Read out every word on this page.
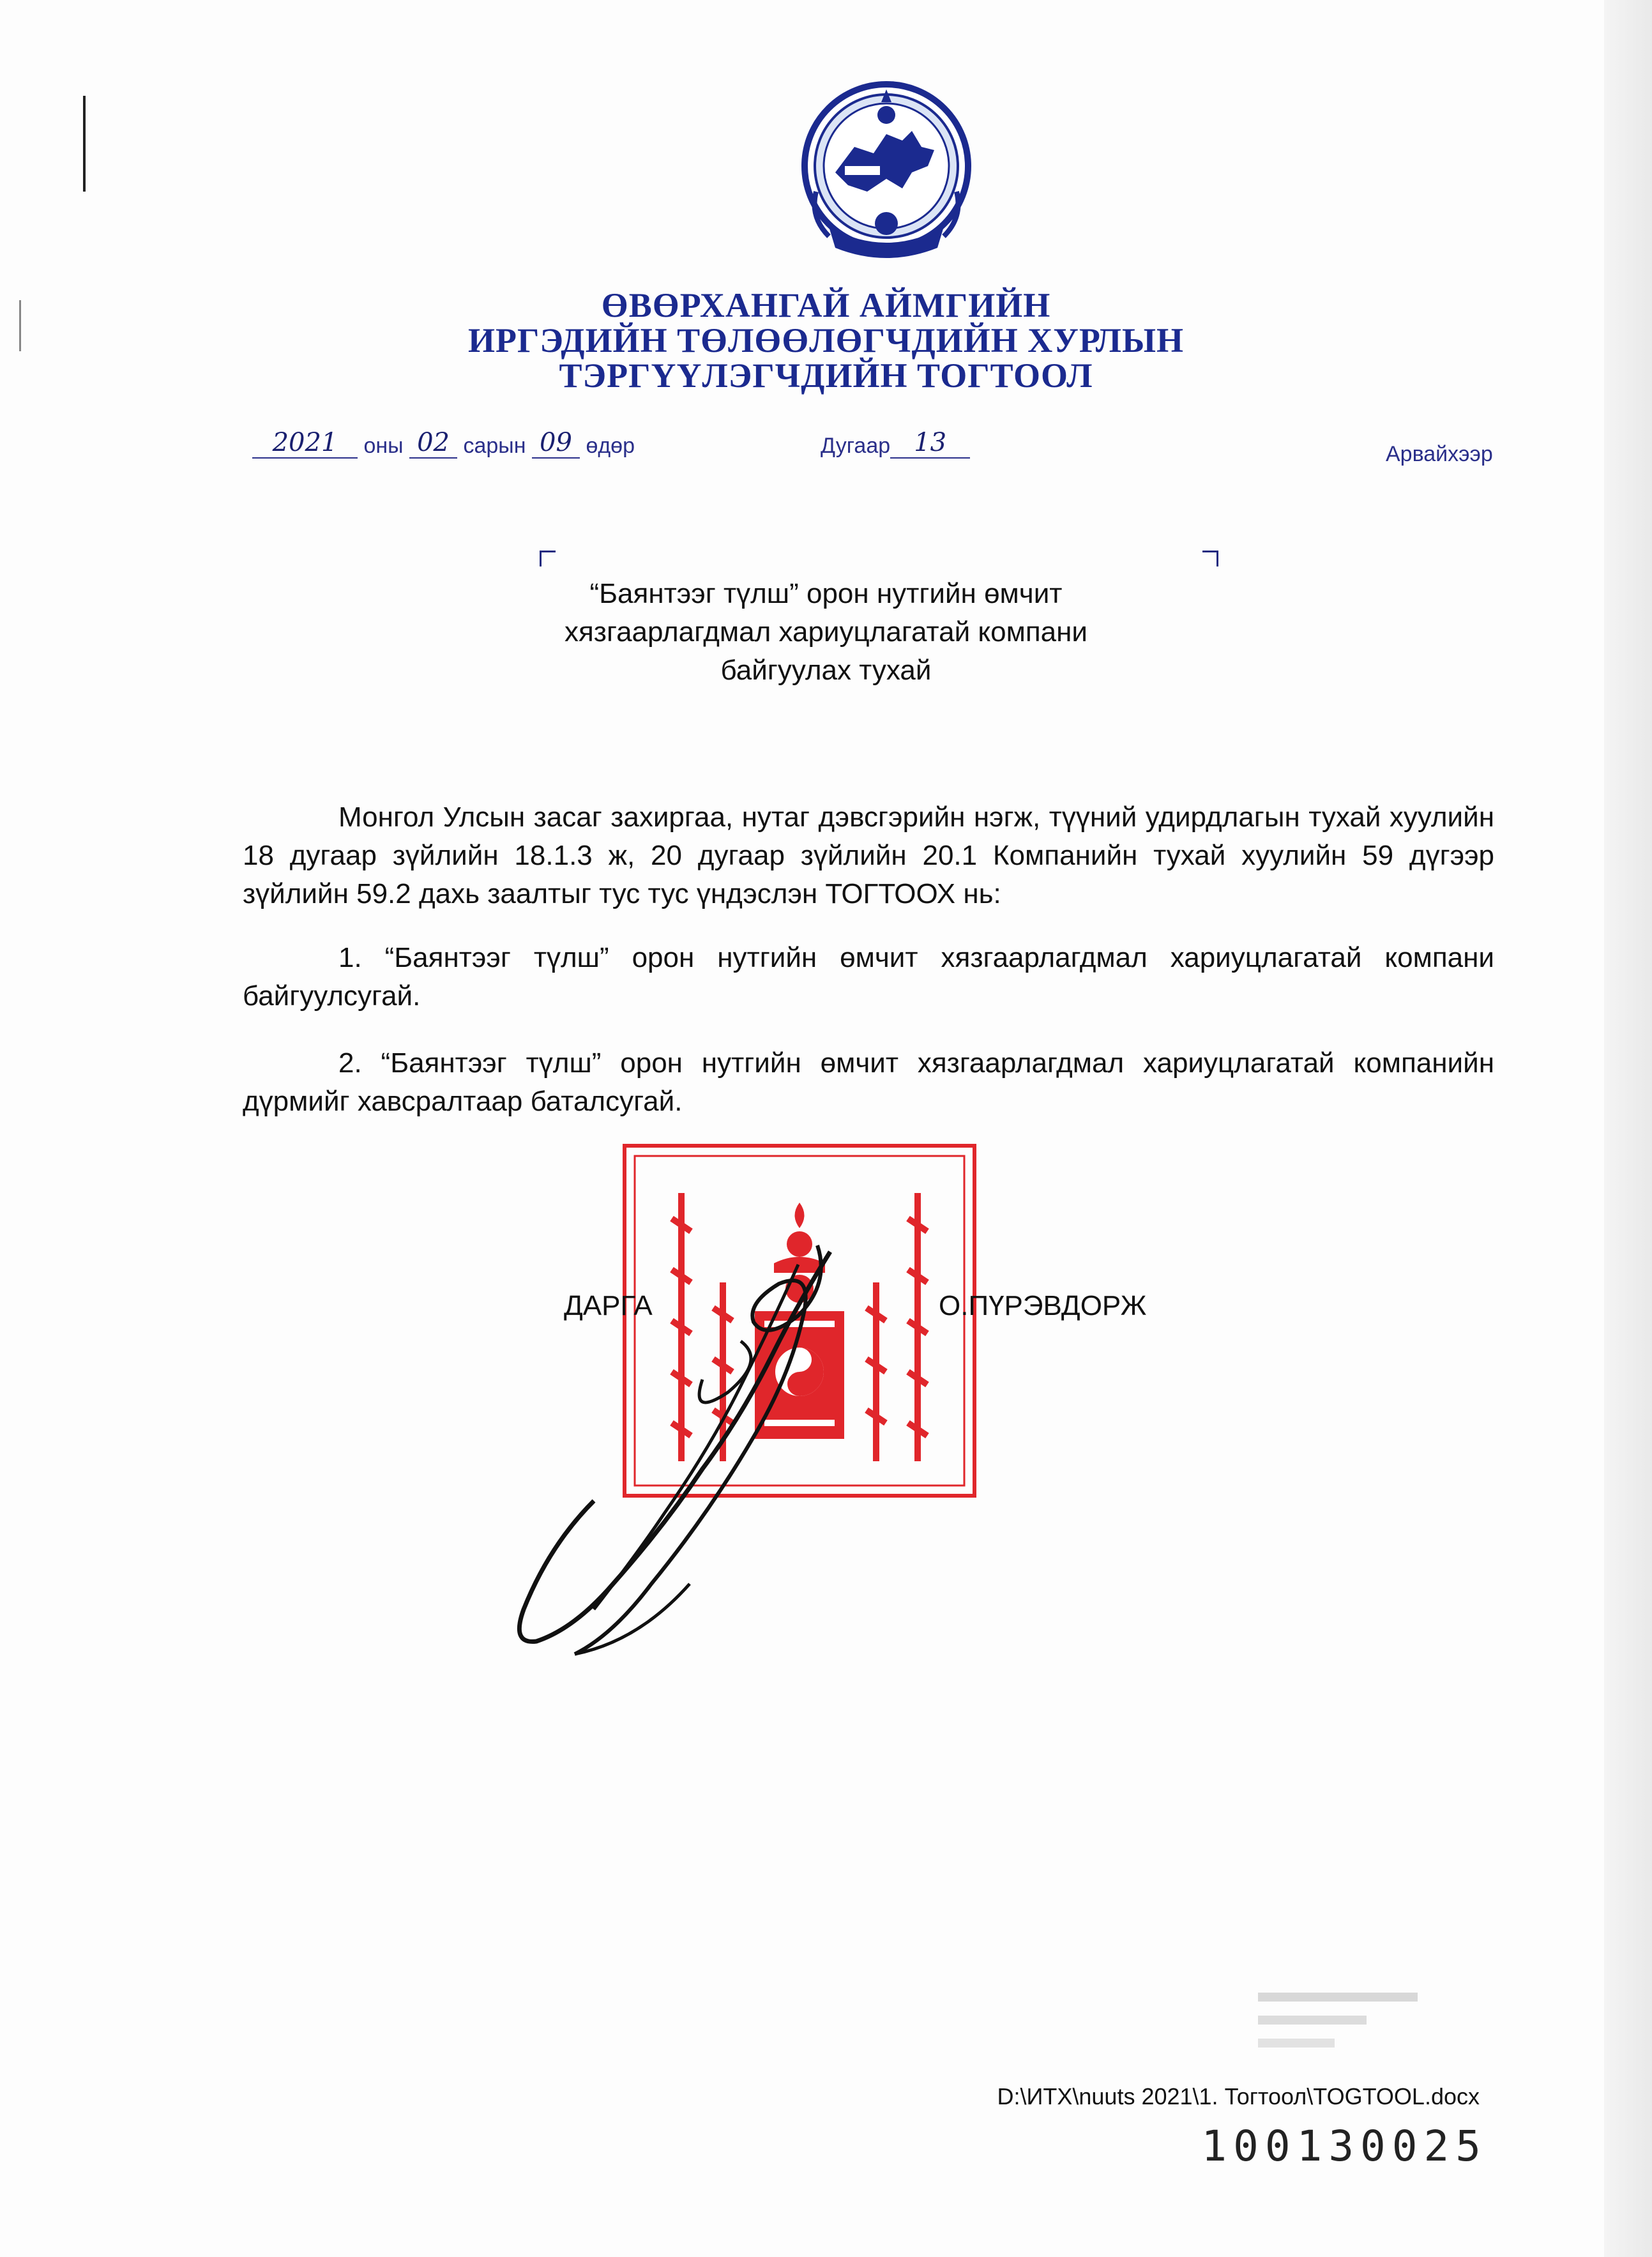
ӨВӨРХАНГАЙ АЙМГИЙН
ИРГЭДИЙН ТӨЛӨӨЛӨГЧДИЙН ХУРЛЫН
ТЭРГҮҮЛЭГЧДИЙН ТОГТООЛ
2021 оны 02 сарын 09 өдөр	Дугаар 13	Арвайхээр
“Баянтээг түлш” орон нутгийн өмчит
хязгаарлагдмал хариуцлагатай компани
байгуулах тухай
Монгол Улсын засаг захиргаа, нутаг дэвсгэрийн нэгж, түүний удирдлагын тухай хуулийн 18 дугаар зүйлийн 18.1.3 ж, 20 дугаар зүйлийн 20.1 Компанийн тухай хуулийн 59 дүгээр зүйлийн 59.2 дахь заалтыг тус тус үндэслэн ТОГТООХ нь:
1. “Баянтээг түлш” орон нутгийн өмчит хязгаарлагдмал хариуцлагатай компани байгуулсугай.
2. “Баянтээг түлш” орон нутгийн өмчит хязгаарлагдмал хариуцлагатай компанийн дүрмийг хавсралтаар баталсугай.
ДАРГА	О.ПҮРЭВДОРЖ
D:\ИТХ\nuuts 2021\1. Тогтоол\TOGTOOL.docx
100130025
